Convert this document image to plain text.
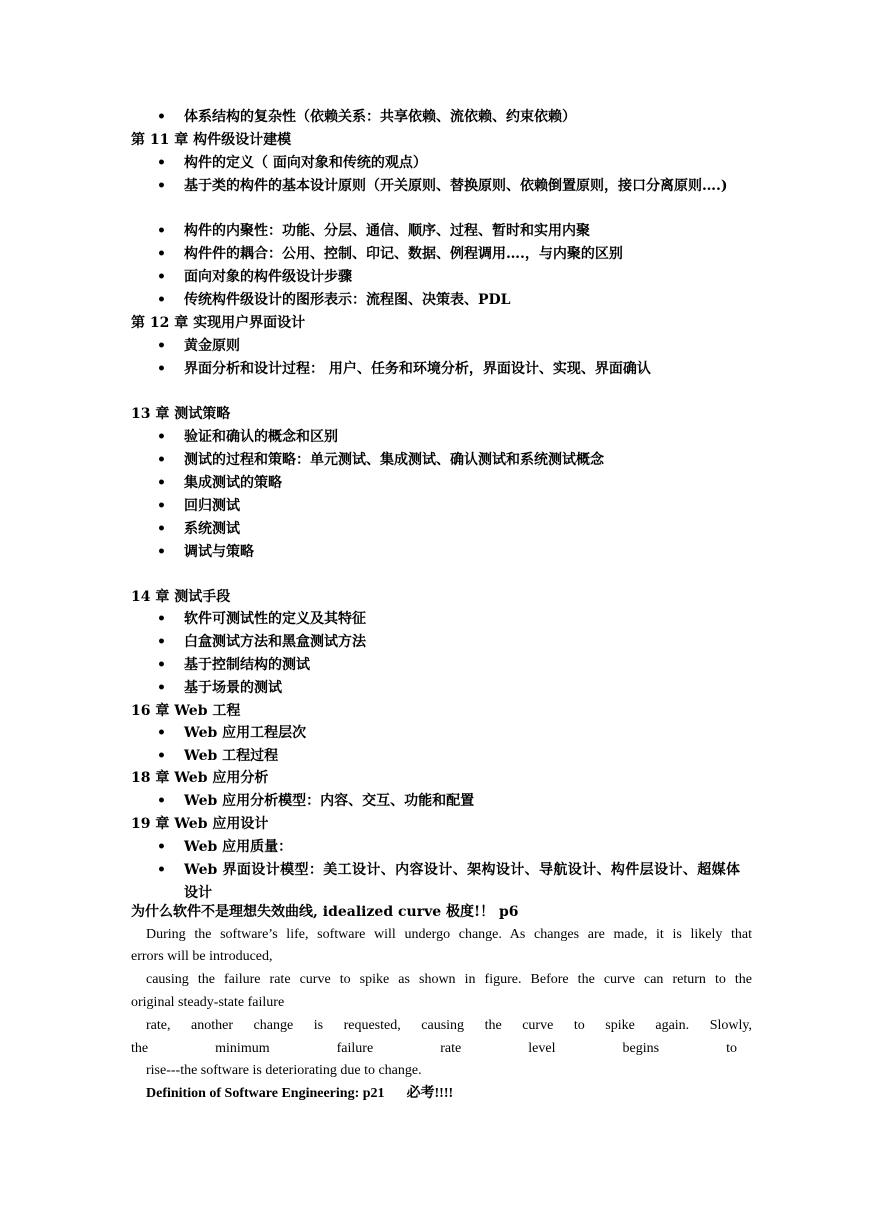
•	体系结构的复杂性（依赖关系：共享依赖、流依赖、约束依赖）
第 11 章 构件级设计建模
•	构件的定义（ 面向对象和传统的观点）
•	基于类的构件的基本设计原则（开关原则、替换原则、依赖倒置原则，接口分离原则….)
•	构件的内聚性：功能、分层、通信、顺序、过程、暂时和实用内聚
•	构件件的耦合：公用、控制、印记、数据、例程调用….，与内聚的区别
•	面向对象的构件级设计步骤
•	传统构件级设计的图形表示：流程图、决策表、PDL
第 12 章 实现用户界面设计
•	黄金原则
•	界面分析和设计过程： 用户、任务和环境分析，界面设计、实现、界面确认
13 章 测试策略
•	验证和确认的概念和区别
•	测试的过程和策略：单元测试、集成测试、确认测试和系统测试概念
•	集成测试的策略
•	回归测试
•	系统测试
•	调试与策略
14 章 测试手段
•	软件可测试性的定义及其特征
•	白盒测试方法和黑盒测试方法
•	基于控制结构的测试
•	基于场景的测试
16 章 Web 工程
•	Web 应用工程层次
•	Web 工程过程
18 章 Web 应用分析
•	Web 应用分析模型：内容、交互、功能和配置
19 章 Web 应用设计
•	Web 应用质量：
•	Web 界面设计模型：美工设计、内容设计、架构设计、导航设计、构件层设计、超媒体设计
为什么软件不是理想失效曲线, idealized curve 极度!！ p6
During the software’s life, software will undergo change. As changes are made, it is likely that
errors will be introduced,
causing the failure rate curve to spike as shown in figure. Before the curve can return to the
original steady-state failure
rate, another change is requested, causing the curve to spike again. Slowly,
the minimum failure rate level begins to
rise---the software is deteriorating due to change.
Definition of Software Engineering: p21 必考!!!!
